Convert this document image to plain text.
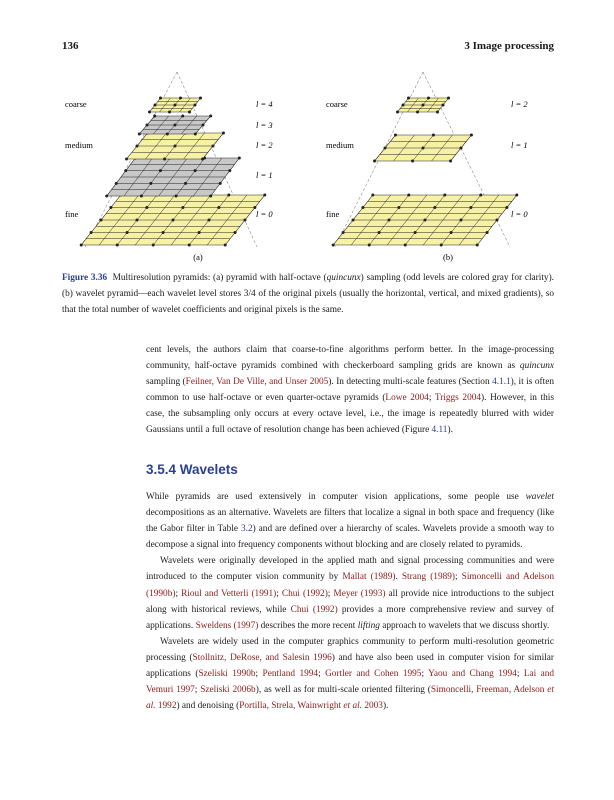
136	3 Image processing
coarse
medium
fine
l = 4
l = 3
l = 2
l = 1
l = 0
(a)
coarse
medium
fine
l = 2
l = 1
l = 0
(b)
Figure 3.36 Multiresolution pyramids: (a) pyramid with half-octave (quincunx) sampling (odd levels are colored gray for clarity). (b) wavelet pyramid—each wavelet level stores 3/4 of the original pixels (usually the horizontal, vertical, and mixed gradients), so that the total number of wavelet coefficients and original pixels is the same.

cent levels, the authors claim that coarse-to-fine algorithms perform better. In the image-processing community, half-octave pyramids combined with checkerboard sampling grids are known as quincunx sampling (Feilner, Van De Ville, and Unser 2005). In detecting multi-scale features (Section 4.1.1), it is often common to use half-octave or even quarter-octave pyramids (Lowe 2004; Triggs 2004). However, in this case, the subsampling only occurs at every octave level, i.e., the image is repeatedly blurred with wider Gaussians until a full octave of resolution change has been achieved (Figure 4.11).

3.5.4 Wavelets

While pyramids are used extensively in computer vision applications, some people use wavelet decompositions as an alternative. Wavelets are filters that localize a signal in both space and frequency (like the Gabor filter in Table 3.2) and are defined over a hierarchy of scales. Wavelets provide a smooth way to decompose a signal into frequency components without blocking and are closely related to pyramids.

Wavelets were originally developed in the applied math and signal processing communities and were introduced to the computer vision community by Mallat (1989). Strang (1989); Simoncelli and Adelson (1990b); Rioul and Vetterli (1991); Chui (1992); Meyer (1993) all provide nice introductions to the subject along with historical reviews, while Chui (1992) provides a more comprehensive review and survey of applications. Sweldens (1997) describes the more recent lifting approach to wavelets that we discuss shortly.

Wavelets are widely used in the computer graphics community to perform multi-resolution geometric processing (Stollnitz, DeRose, and Salesin 1996) and have also been used in computer vision for similar applications (Szeliski 1990b; Pentland 1994; Gortler and Cohen 1995; Yaou and Chang 1994; Lai and Vemuri 1997; Szeliski 2006b), as well as for multi-scale oriented filtering (Simoncelli, Freeman, Adelson et al. 1992) and denoising (Portilla, Strela, Wainwright et al. 2003).
